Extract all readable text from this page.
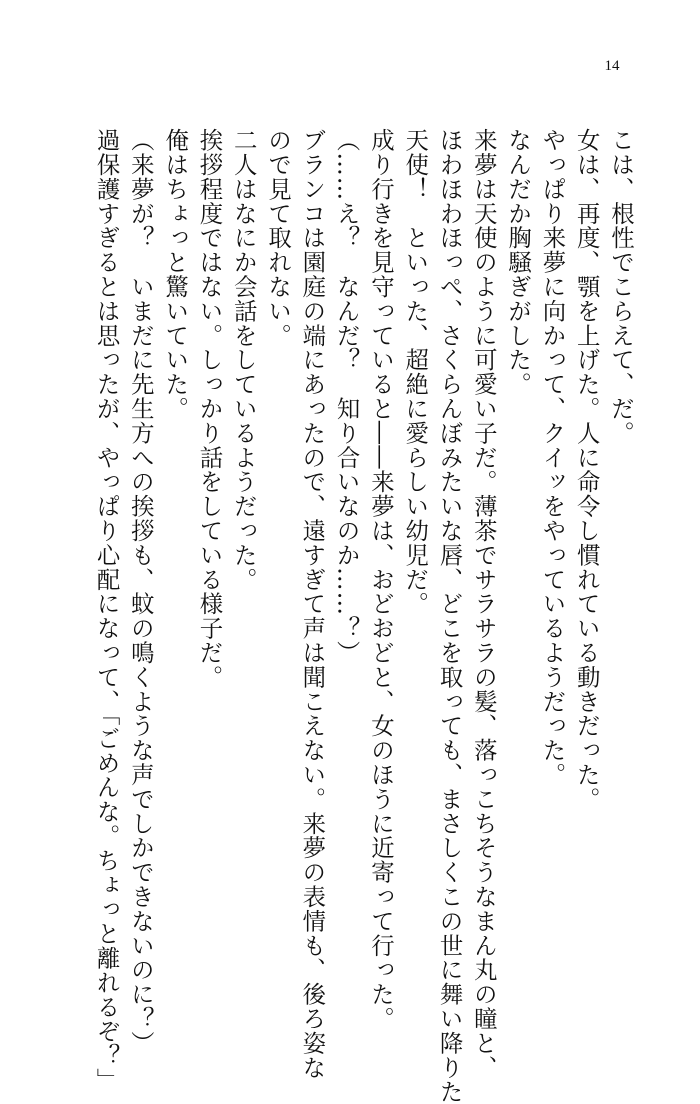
14
こは、根性でこらえて、だ。
女は、再度、顎を上げた。人に命令し慣れている動きだった。
やっぱり来夢に向かって、クイッをやっているようだった。
なんだか胸騒ぎがした。
来夢は天使のように可愛い子だ。薄茶でサラサラの髪、落っこちそうなまん丸の瞳と、
ほわほわほっぺ、さくらんぼみたいな唇、どこを取っても、まさしくこの世に舞い降りた
天使！　といった、超絶に愛らしい幼児だ。
成り行きを見守っていると――来夢は、おどおどと、女のほうに近寄って行った。
（……え？　なんだ？　知り合いなのか……？）
ブランコは園庭の端にあったので、遠すぎて声は聞こえない。来夢の表情も、後ろ姿な
ので見て取れない。
二人はなにか会話をしているようだった。
挨拶程度ではない。しっかり話をしている様子だ。
俺はちょっと驚いていた。
（来夢が？　いまだに先生方への挨拶も、蚊の鳴くような声でしかできないのに？）
過保護すぎるとは思ったが、やっぱり心配になって、「ごめんな。ちょっと離れるぞ？」
